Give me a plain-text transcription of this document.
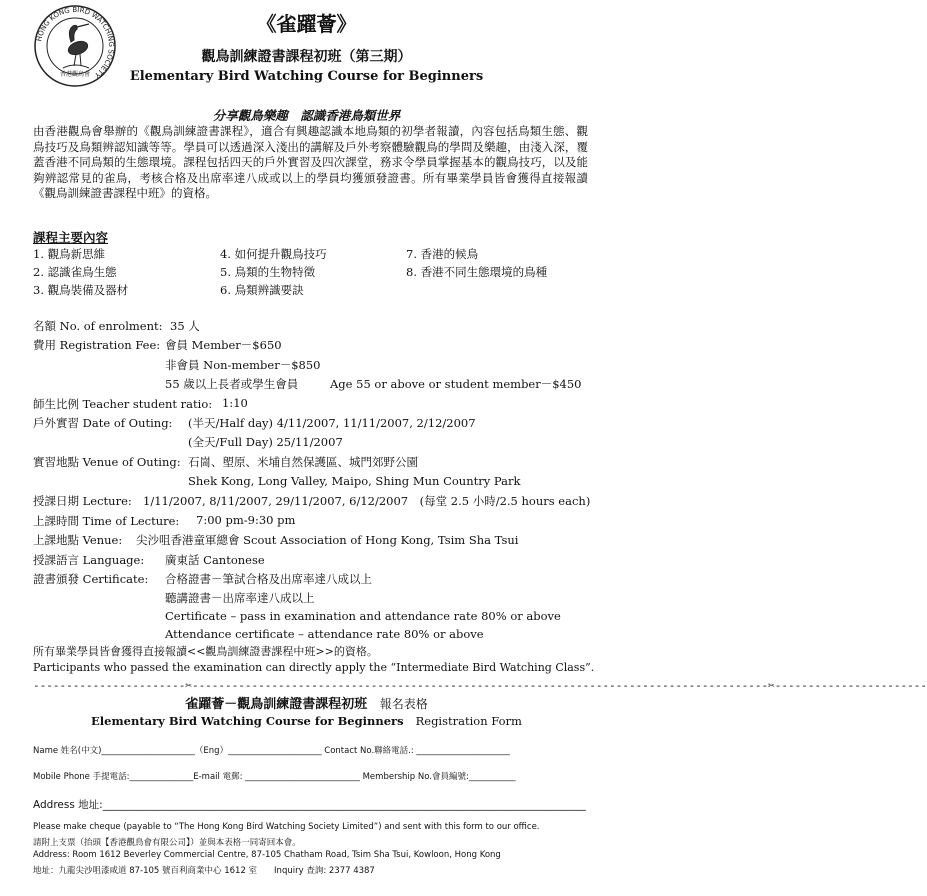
HONG KONG BIRD WATCHING SOCIETY
香港觀鳥會
《雀躍薈》
觀鳥訓練證書課程初班（第三期）
Elementary Bird Watching Course for Beginners
分享觀鳥樂趣　認識香港鳥類世界
由香港觀鳥會舉辦的《觀鳥訓練證書課程》，適合有興趣認識本地鳥類的初學者報讀，內容包括鳥類生態、觀鳥技巧及鳥類辨認知識等等。學員可以透過深入淺出的講解及戶外考察體驗觀鳥的學問及樂趣，由淺入深，覆蓋香港不同鳥類的生態環境。課程包括四天的戶外實習及四次課堂，務求令學員掌握基本的觀鳥技巧，以及能夠辨認常見的雀鳥，考核合格及出席率達八成或以上的學員均獲頒發證書。所有畢業學員皆會獲得直接報讀《觀鳥訓練證書課程中班》的資格。
課程主要內容
1. 觀鳥新思維	4. 如何提升觀鳥技巧	7. 香港的候鳥
2. 認識雀鳥生態	5. 鳥類的生物特徵	8. 香港不同生態環境的鳥種
3. 觀鳥裝備及器材	6. 鳥類辨識要訣
名額 No. of enrolment: 35 人
費用 Registration Fee: 會員 Member－$650
非會員 Non-member－$850
55 歲以上長者或學生會員	Age 55 or above or student member－$450
師生比例 Teacher student ratio: 1:10
戶外實習 Date of Outing: (半天/Half day) 4/11/2007, 11/11/2007, 2/12/2007
(全天/Full Day) 25/11/2007
實習地點 Venue of Outing: 石崗、塱原、米埔自然保護區、城門郊野公園
Shek Kong, Long Valley, Maipo, Shing Mun Country Park
授課日期 Lecture: 1/11/2007, 8/11/2007, 29/11/2007, 6/12/2007　(每堂 2.5 小時/2.5 hours each)
上課時間 Time of Lecture: 7:00 pm-9:30 pm
上課地點 Venue: 尖沙咀香港童軍總會 Scout Association of Hong Kong, Tsim Sha Tsui
授課語言 Language: 廣東話 Cantonese
證書頒發 Certificate: 合格證書－筆試合格及出席率達八成以上
聽講證書－出席率達八成以上
Certificate – pass in examination and attendance rate 80% or above
Attendance certificate – attendance rate 80% or above
所有畢業學員皆會獲得直接報讀<<觀鳥訓練證書課程中班>>的資格。
Participants who passed the examination can directly apply the “Intermediate Bird Watching Class”.
-----------------------✂---------------------------------------------------------------------------------------✂-----------------------
雀躍薈－觀鳥訓練證書課程初班 報名表格
Elementary Bird Watching Course for Beginners Registration Form
Name 姓名(中文)______________________（Eng）______________________ Contact No.聯絡電話.: ______________________
Mobile Phone 手提電話:_______________E-mail 電郵: ___________________________ Membership No.會員編號:___________
Address 地址:____________________________________________________________________________________________
Please make cheque (payable to “The Hong Kong Bird Watching Society Limited”) and sent with this form to our office.
請附上支票（抬頭【香港觀鳥會有限公司】）並與本表格一同寄回本會。
Address: Room 1612 Beverley Commercial Centre, 87-105 Chatham Road, Tsim Sha Tsui, Kowloon, Hong Kong
地址：九龍尖沙咀漆咸道 87-105 號百利商業中心 1612 室　　Inquiry 查詢: 2377 4387
